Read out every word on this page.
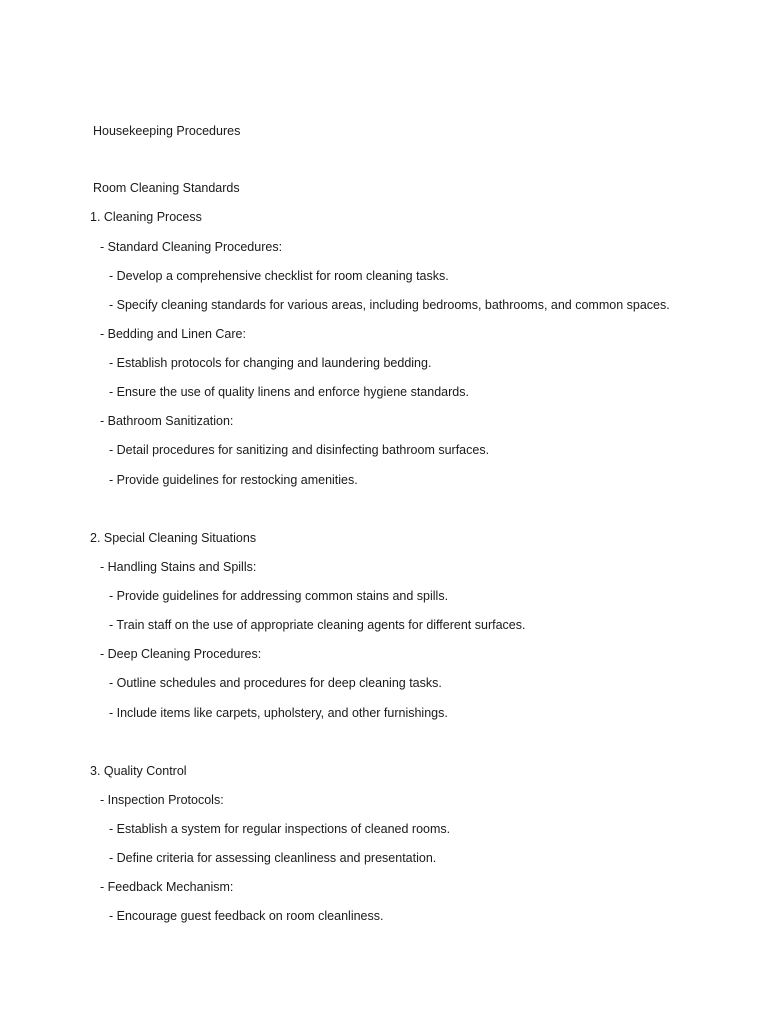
Housekeeping Procedures
Room Cleaning Standards
1. Cleaning Process
- Standard Cleaning Procedures:
- Develop a comprehensive checklist for room cleaning tasks.
- Specify cleaning standards for various areas, including bedrooms, bathrooms, and common spaces.
- Bedding and Linen Care:
- Establish protocols for changing and laundering bedding.
- Ensure the use of quality linens and enforce hygiene standards.
- Bathroom Sanitization:
- Detail procedures for sanitizing and disinfecting bathroom surfaces.
- Provide guidelines for restocking amenities.
2. Special Cleaning Situations
- Handling Stains and Spills:
- Provide guidelines for addressing common stains and spills.
- Train staff on the use of appropriate cleaning agents for different surfaces.
- Deep Cleaning Procedures:
- Outline schedules and procedures for deep cleaning tasks.
- Include items like carpets, upholstery, and other furnishings.
3. Quality Control
- Inspection Protocols:
- Establish a system for regular inspections of cleaned rooms.
- Define criteria for assessing cleanliness and presentation.
- Feedback Mechanism:
- Encourage guest feedback on room cleanliness.
